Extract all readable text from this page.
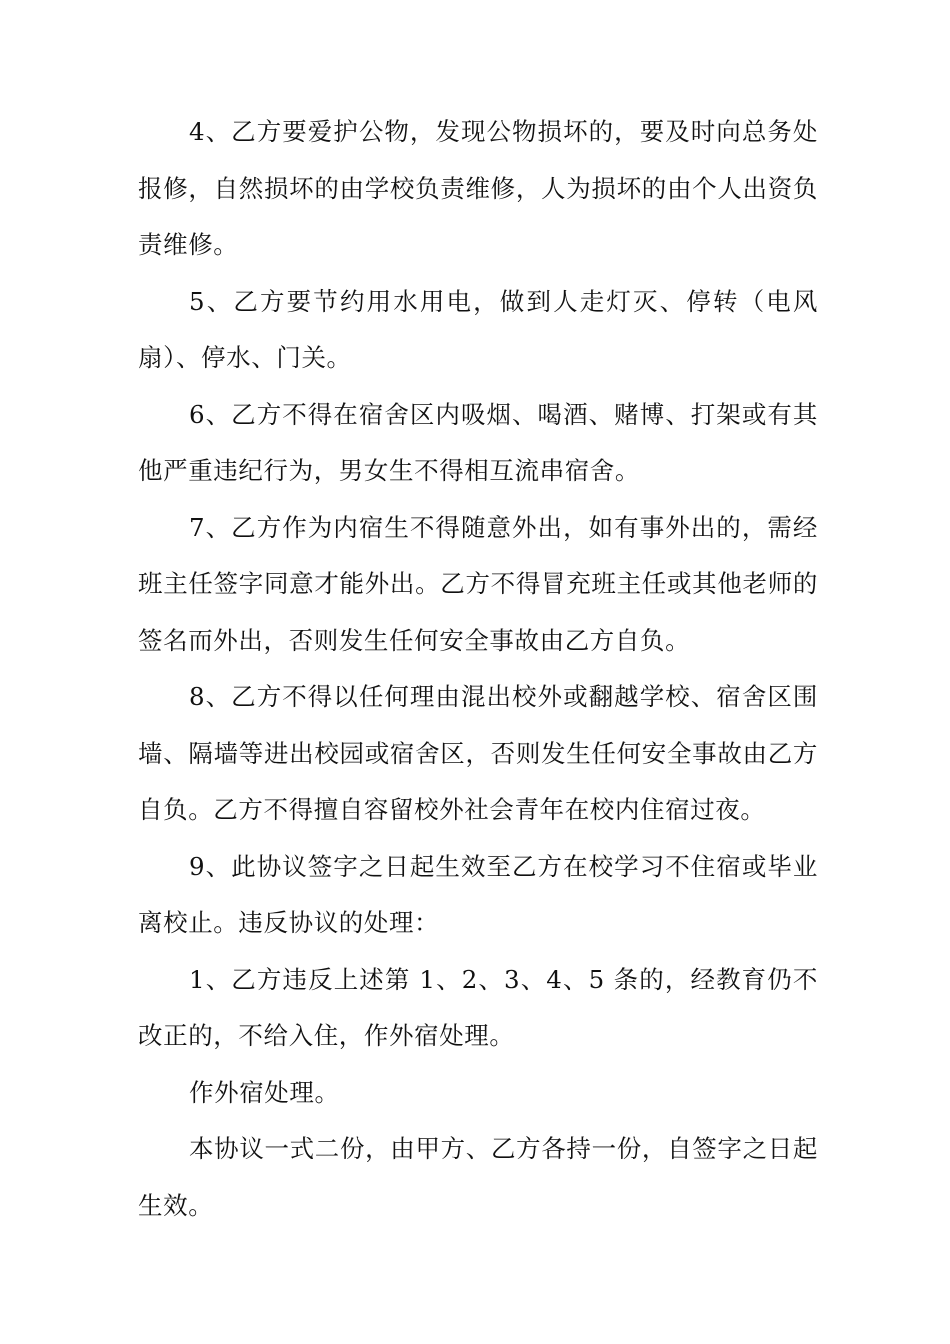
4、乙方要爱护公物，发现公物损坏的，要及时向总务处报修，自然损坏的由学校负责维修，人为损坏的由个人出资负责维修。

5、乙方要节约用水用电，做到人走灯灭、停转（电风扇）、停水、门关。

6、乙方不得在宿舍区内吸烟、喝酒、赌博、打架或有其他严重违纪行为，男女生不得相互流串宿舍。

7、乙方作为内宿生不得随意外出，如有事外出的，需经班主任签字同意才能外出。乙方不得冒充班主任或其他老师的签名而外出，否则发生任何安全事故由乙方自负。

8、乙方不得以任何理由混出校外或翻越学校、宿舍区围墙、隔墙等进出校园或宿舍区，否则发生任何安全事故由乙方自负。乙方不得擅自容留校外社会青年在校内住宿过夜。

9、此协议签字之日起生效至乙方在校学习不住宿或毕业离校止。违反协议的处理：

1、乙方违反上述第 1、2、3、4、5 条的，经教育仍不改正的，不给入住，作外宿处理。

作外宿处理。

本协议一式二份，由甲方、乙方各持一份，自签字之日起生效。
